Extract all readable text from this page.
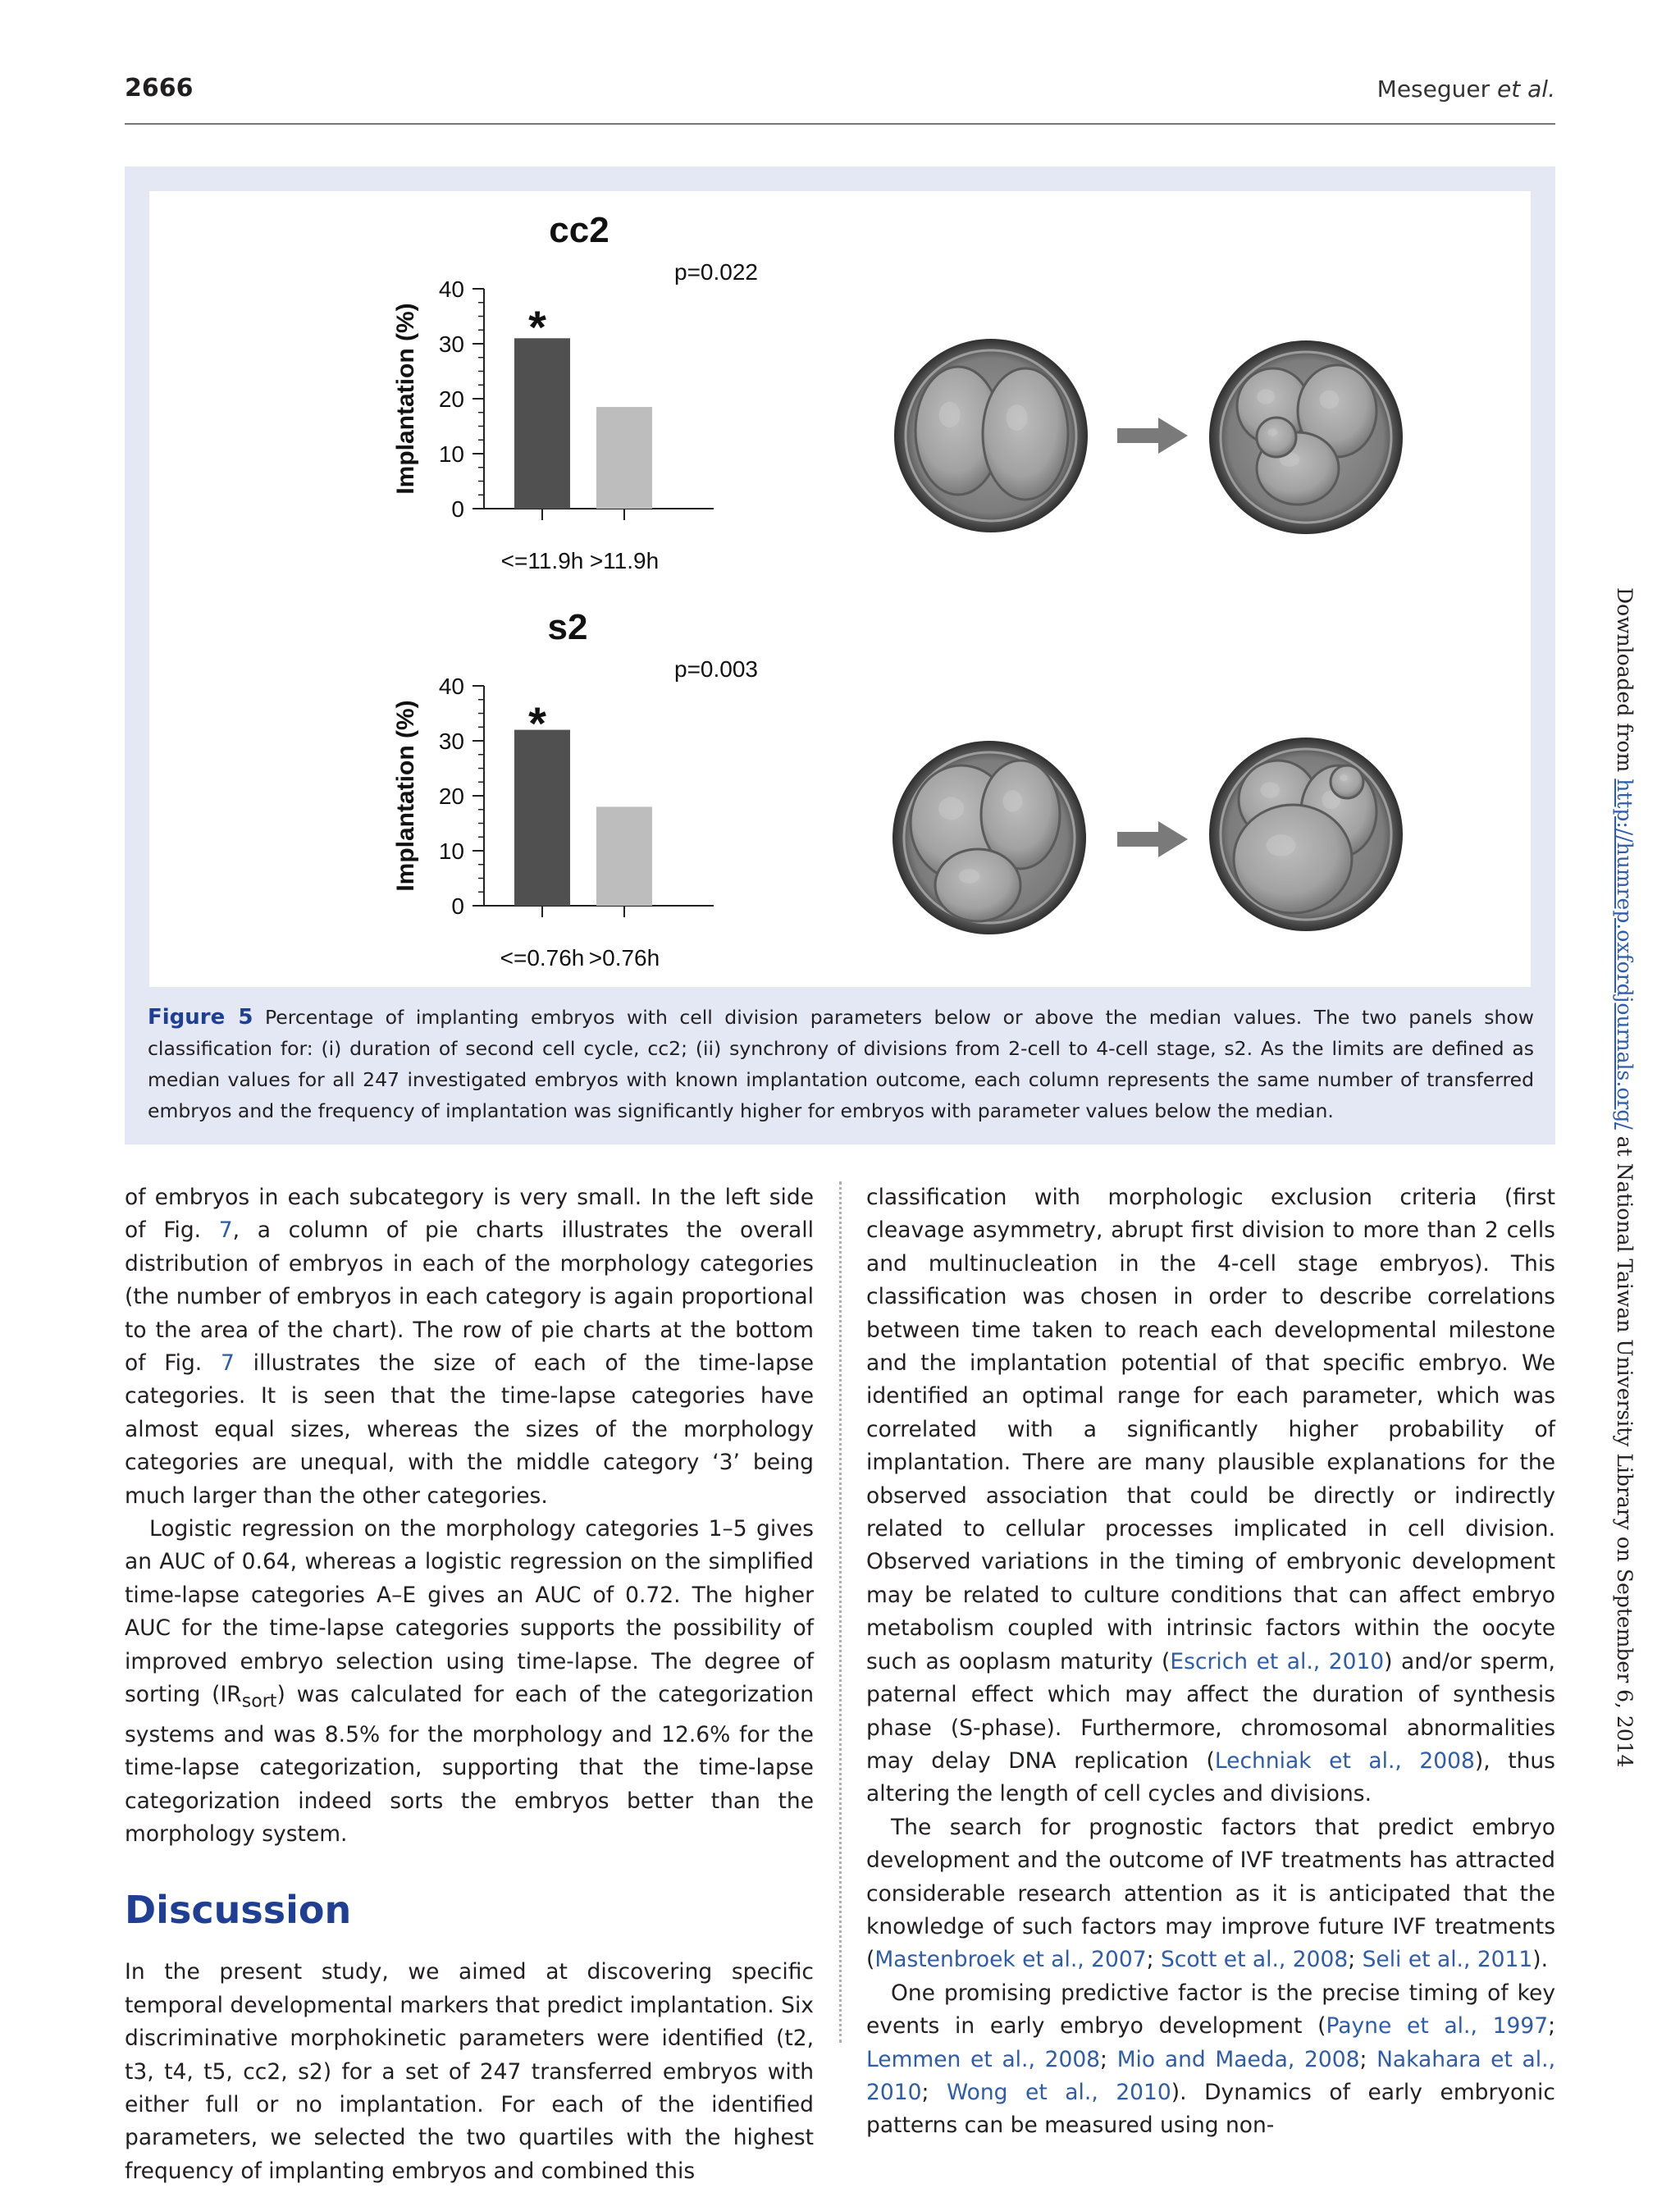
2666	Meseguer et al.
cc2
p=0.022
0
10
20
30
40
Implantation (%)
<=11.9h >11.9h
*
s2
p=0.003
0
10
20
30
40
Implantation (%)
<=0.76h >0.76h
*
Figure 5 Percentage of implanting embryos with cell division parameters below or above the median values. The two panels show classification for: (i) duration of second cell cycle, cc2; (ii) synchrony of divisions from 2-cell to 4-cell stage, s2. As the limits are defined as median values for all 247 investigated embryos with known implantation outcome, each column represents the same number of transferred embryos and the frequency of implantation was significantly higher for embryos with parameter values below the median.

of embryos in each subcategory is very small. In the left side of Fig. 7, a column of pie charts illustrates the overall distribution of embryos in each of the morphology categories (the number of embryos in each category is again proportional to the area of the chart). The row of pie charts at the bottom of Fig. 7 illustrates the size of each of the time-lapse categories. It is seen that the time-lapse categories have almost equal sizes, whereas the sizes of the morphology categories are unequal, with the middle category ‘3’ being much larger than the other categories.

Logistic regression on the morphology categories 1–5 gives an AUC of 0.64, whereas a logistic regression on the simplified time-lapse categories A–E gives an AUC of 0.72. The higher AUC for the time-lapse categories supports the possibility of improved embryo selection using time-lapse. The degree of sorting $(IR_{sort})$ was calculated for each of the categorization systems and was 8.5% for the morphology and 12.6% for the time-lapse categorization, supporting that the time-lapse categorization indeed sorts the embryos better than the morphology system.

Discussion

In the present study, we aimed at discovering specific temporal developmental markers that predict implantation. Six discriminative morphokinetic parameters were identified (t2, t3, t4, t5, cc2, s2) for a set of 247 transferred embryos with either full or no implantation. For each of the identified parameters, we selected the two quartiles with the highest frequency of implanting embryos and combined this

classification with morphologic exclusion criteria (first cleavage asymmetry, abrupt first division to more than 2 cells and multinucleation in the 4-cell stage embryos). This classification was chosen in order to describe correlations between time taken to reach each developmental milestone and the implantation potential of that specific embryo. We identified an optimal range for each parameter, which was correlated with a significantly higher probability of implantation. There are many plausible explanations for the observed association that could be directly or indirectly related to cellular processes implicated in cell division. Observed variations in the timing of embryonic development may be related to culture conditions that can affect embryo metabolism coupled with intrinsic factors within the oocyte such as ooplasm maturity (Escrich et al., 2010) and/or sperm, paternal effect which may affect the duration of synthesis phase (S-phase). Furthermore, chromosomal abnormalities may delay DNA replication (Lechniak et al., 2008), thus altering the length of cell cycles and divisions.

The search for prognostic factors that predict embryo development and the outcome of IVF treatments has attracted considerable research attention as it is anticipated that the knowledge of such factors may improve future IVF treatments (Mastenbroek et al., 2007; Scott et al., 2008; Seli et al., 2011).

One promising predictive factor is the precise timing of key events in early embryo development (Payne et al., 1997; Lemmen et al., 2008; Mio and Maeda, 2008; Nakahara et al., 2010; Wong et al., 2010). Dynamics of early embryonic patterns can be measured using non-

Downloaded from http://humrep.oxfordjournals.org/ at National Taiwan University Library on September 6, 2014
